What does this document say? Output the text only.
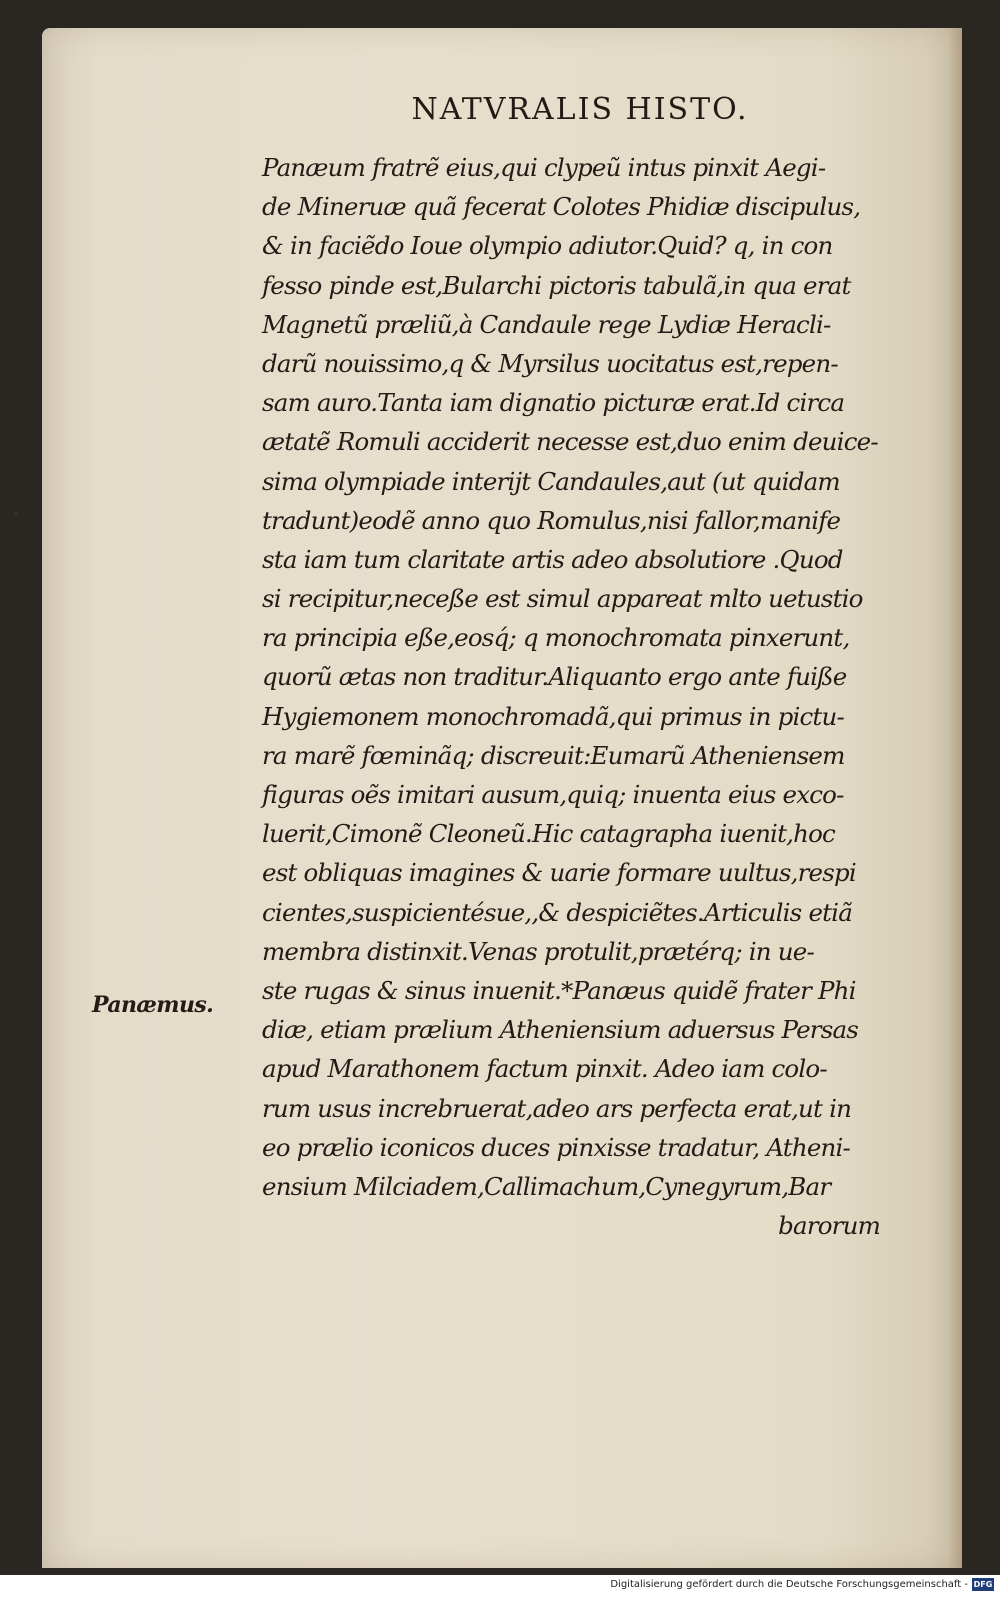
NATVRALIS HISTO.
Panæum fratrẽ eius,qui clypeũ intus pinxit Aegi-
de Mineruæ quã fecerat Colotes Phidiæ discipulus,
& in faciẽdo Ioue olympio adiutor.Quid? q, in con
fesso pinde est,Bularchi pictoris tabulã,in qua erat
Magnetũ præliũ,à Candaule rege Lydiæ Heracli-
darũ nouissimo,q & Myrsilus uocitatus est,repen-
sam auro.Tanta iam dignatio picturæ erat.Id circa
ætatẽ Romuli acciderit necesse est,duo enim deuice-
sima olympiade interijt Candaules,aut (ut quidam
tradunt)eodẽ anno quo Romulus,nisi fallor,manife
sta iam tum claritate artis adeo absolutiore .Quod
si recipitur,neceße est simul appareat mlto uetustio
ra principia eße,eosq́; q monochromata pinxerunt,
quorũ ætas non traditur.Aliquanto ergo ante fuiße
Hygiemonem monochromadã,qui primus in pictu-
ra marẽ fœminãq; discreuit:Eumarũ Atheniensem
figuras oẽs imitari ausum,quiq; inuenta eius exco-
luerit,Cimonẽ Cleoneũ.Hic catagrapha iuenit,hoc
est obliquas imagines & uarie formare uultus,respi
cientes,suspicientésue,,& despiciẽtes.Articulis etiã
membra distinxit.Venas protulit,prætérq; in ue-
ste rugas & sinus inuenit.*Panæus quidẽ frater Phi
diæ, etiam prælium Atheniensium aduersus Persas
apud Marathonem factum pinxit. Adeo iam colo-
rum usus increbruerat,adeo ars perfecta erat,ut in
eo prælio iconicos duces pinxisse tradatur, Atheni-
ensium Milciadem,Callimachum,Cynegyrum,Bar
barorum
Panæmus.
Digitalisierung gefördert durch die Deutsche Forschungsgemeinschaft - DFG
